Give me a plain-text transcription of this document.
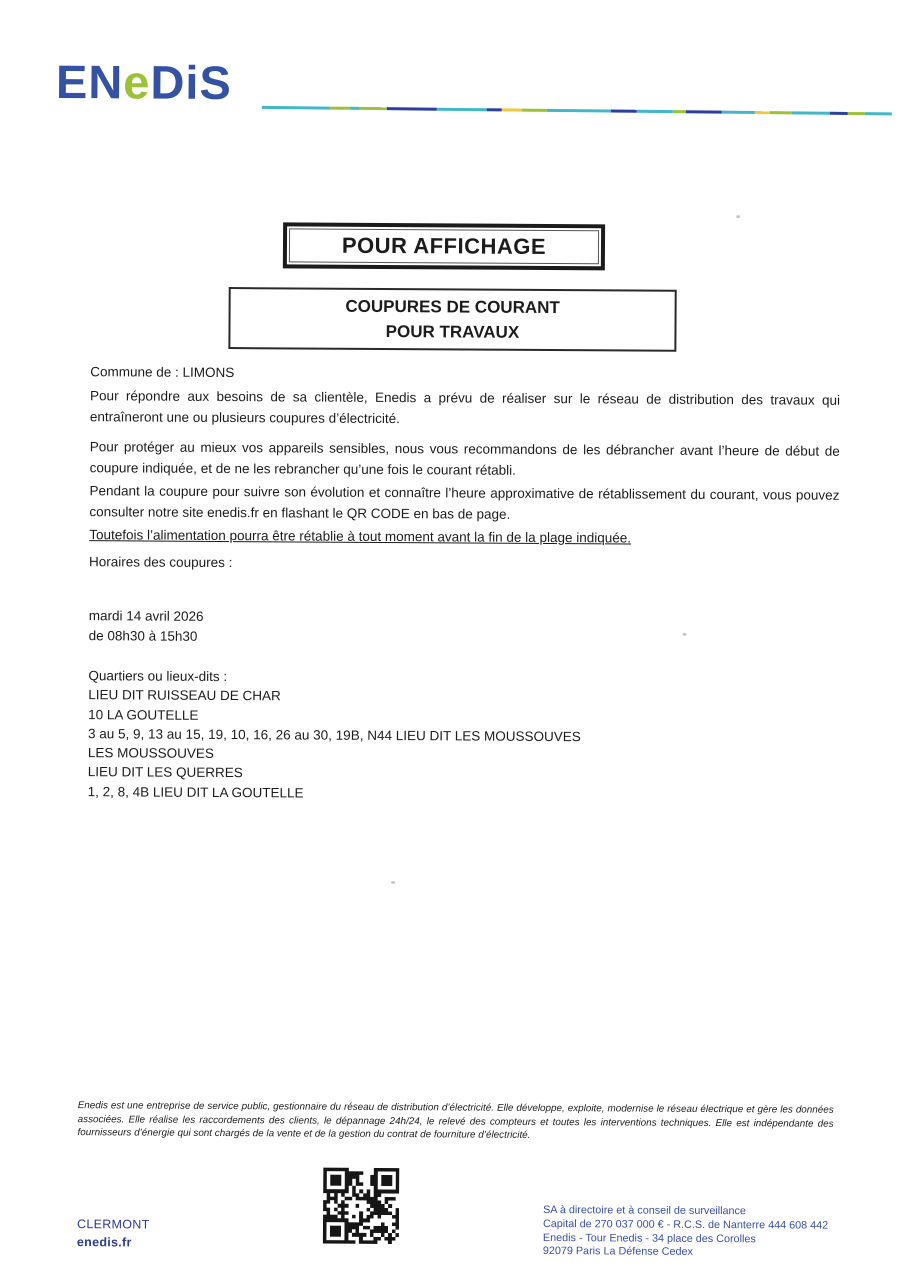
ENeDiS
POUR AFFICHAGE
COUPURES DE COURANT
POUR TRAVAUX
Commune de : LIMONS

Pour répondre aux besoins de sa clientèle, Enedis a prévu de réaliser sur le réseau de distribution des travaux qui entraîneront une ou plusieurs coupures d’électricité.

Pour protéger au mieux vos appareils sensibles, nous vous recommandons de les débrancher avant l’heure de début de coupure indiquée, et de ne les rebrancher qu’une fois le courant rétabli.

Pendant la coupure pour suivre son évolution et connaître l’heure approximative de rétablissement du courant, vous pouvez consulter notre site enedis.fr en flashant le QR CODE en bas de page.

Toutefois l’alimentation pourra être rétablie à tout moment avant la fin de la plage indiquée.

Horaires des coupures :
mardi 14 avril 2026
de 08h30 à 15h30
Quartiers ou lieux-dits :
LIEU DIT RUISSEAU DE CHAR
10 LA GOUTELLE
3 au 5, 9, 13 au 15, 19, 10, 16, 26 au 30, 19B, N44 LIEU DIT LES MOUSSOUVES
LES MOUSSOUVES
LIEU DIT LES QUERRES
1, 2, 8, 4B LIEU DIT LA GOUTELLE

Enedis est une entreprise de service public, gestionnaire du réseau de distribution d’électricité. Elle développe, exploite, modernise le réseau électrique et gère les données associées. Elle réalise les raccordements des clients, le dépannage 24h/24, le relevé des compteurs et toutes les interventions techniques. Elle est indépendante des fournisseurs d’énergie qui sont chargés de la vente et de la gestion du contrat de fourniture d’électricité.

CLERMONT
enedis.fr
SA à directoire et à conseil de surveillance
Capital de 270 037 000 € - R.C.S. de Nanterre 444 608 442
Enedis - Tour Enedis - 34 place des Corolles
92079 Paris La Défense Cedex
